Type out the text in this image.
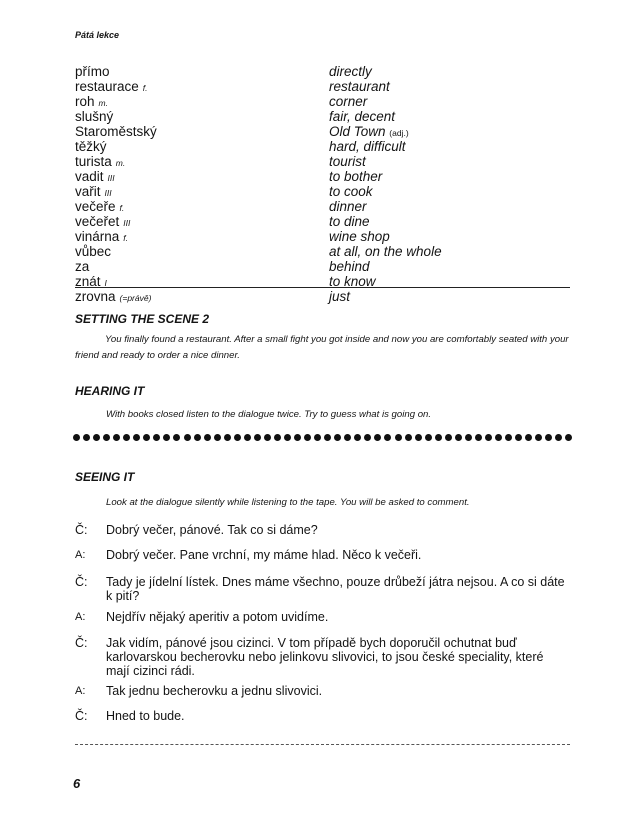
Pátá lekce
přímo	directly
restaurace f.	restaurant
roh m.	corner
slušný	fair, decent
Staroměstský	Old Town (adj.)
těžký	hard, difficult
turista m.	tourist
vadit III	to bother
vařit III	to cook
večeře f.	dinner
večeřet III	to dine
vinárna f.	wine shop
vůbec	at all, on the whole
za	behind
znát I	to know
zrovna (=právě)	just
SETTING THE SCENE 2
You finally found a restaurant. After a small fight you got inside and now you are comfortably seated with your friend and ready to order a nice dinner.
HEARING IT
With books closed listen to the dialogue twice. Try to guess what is going on.
SEEING IT
Look at the dialogue silently while listening to the tape. You will be asked to comment.
Č:	Dobrý večer, pánové. Tak co si dáme?
A:	Dobrý večer. Pane vrchní, my máme hlad. Něco k večeři.
Č:	Tady je jídelní lístek. Dnes máme všechno, pouze drůbeží játra nejsou. A co si dáte k pití?
A:	Nejdřív nějaký aperitiv a potom uvidíme.
Č:	Jak vidím, pánové jsou cizinci. V tom případě bych doporučil ochutnat buď karlovarskou becherovku nebo jelinkovu slivovici, to jsou české speciality, které mají cizinci rádi.
A:	Tak jednu becherovku a jednu slivovici.
Č:	Hned to bude.
6
